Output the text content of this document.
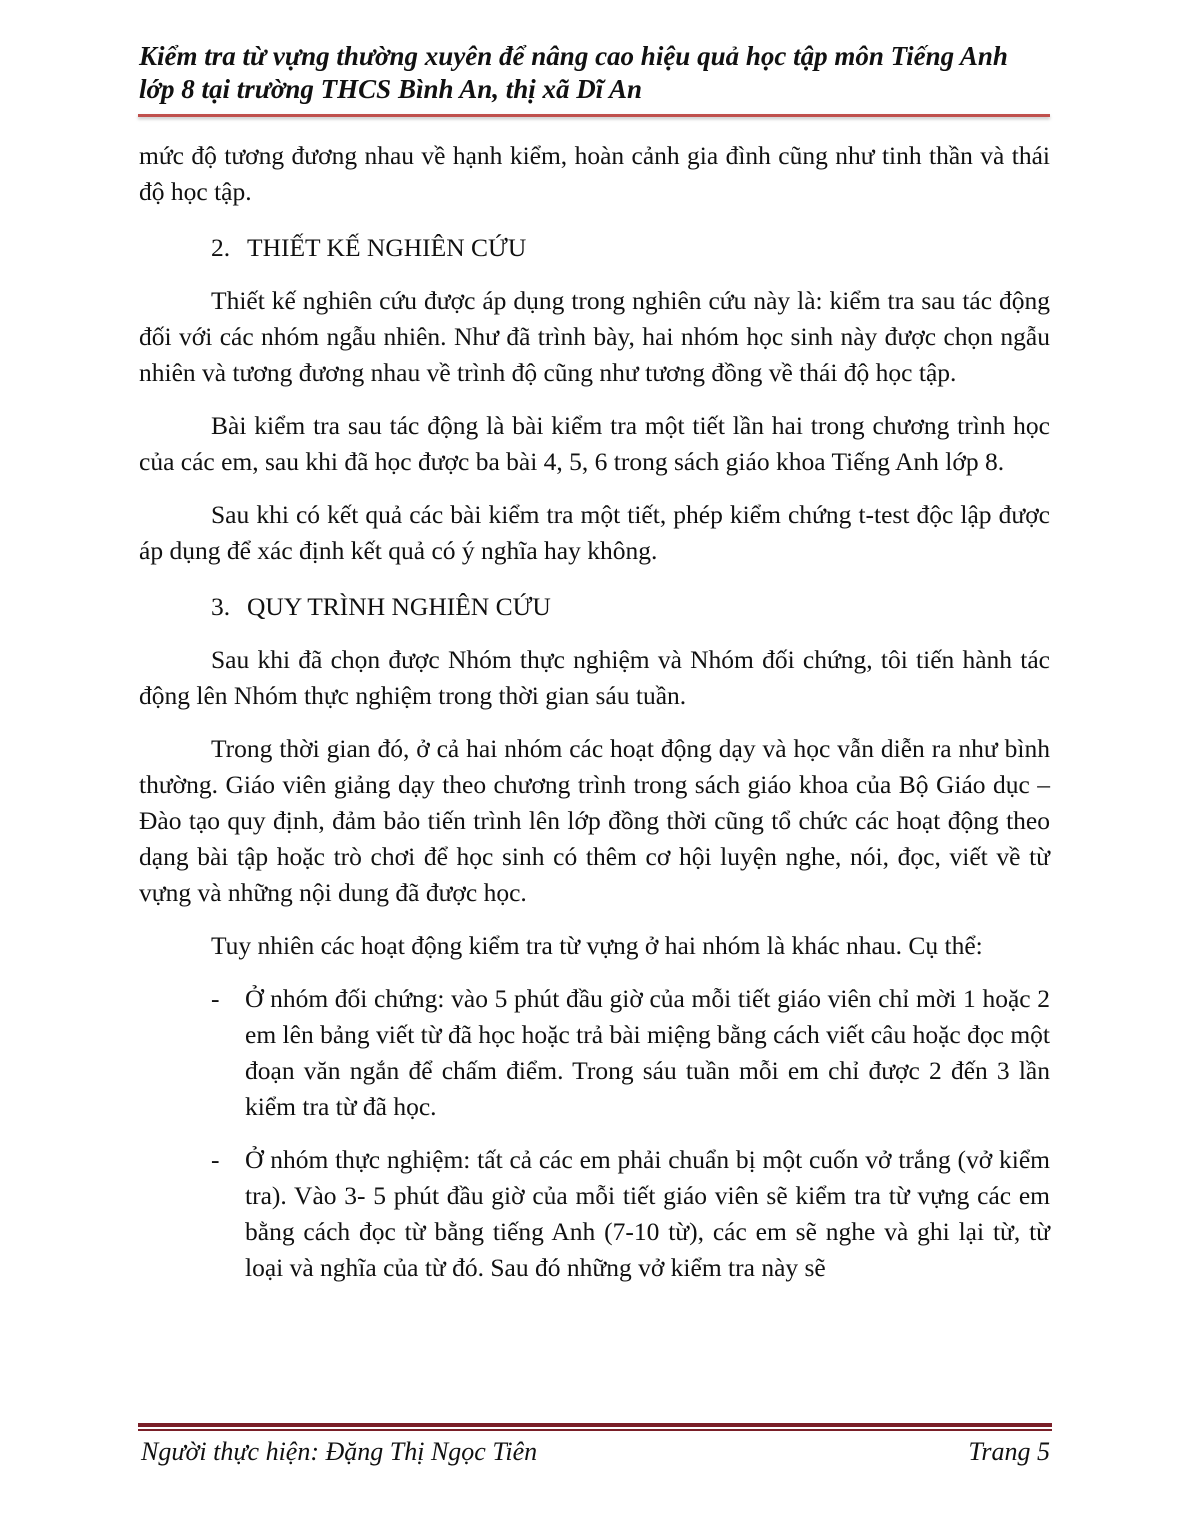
Kiểm tra từ vựng thường xuyên để nâng cao hiệu quả học tập môn Tiếng Anh
lớp 8 tại trường THCS Bình An, thị xã Dĩ An

mức độ tương đương nhau về hạnh kiểm, hoàn cảnh gia đình cũng như tinh thần và thái độ học tập.

2. THIẾT KẾ NGHIÊN CỨU

Thiết kế nghiên cứu được áp dụng trong nghiên cứu này là: kiểm tra sau tác động đối với các nhóm ngẫu nhiên. Như đã trình bày, hai nhóm học sinh này được chọn ngẫu nhiên và tương đương nhau về trình độ cũng như tương đồng về thái độ học tập.

Bài kiểm tra sau tác động là bài kiểm tra một tiết lần hai trong chương trình học của các em, sau khi đã học được ba bài 4, 5, 6 trong sách giáo khoa Tiếng Anh lớp 8.

Sau khi có kết quả các bài kiểm tra một tiết, phép kiểm chứng t-test độc lập được áp dụng để xác định kết quả có ý nghĩa hay không.

3. QUY TRÌNH NGHIÊN CỨU

Sau khi đã chọn được Nhóm thực nghiệm và Nhóm đối chứng, tôi tiến hành tác động lên Nhóm thực nghiệm trong thời gian sáu tuần.

Trong thời gian đó, ở cả hai nhóm các hoạt động dạy và học vẫn diễn ra như bình thường. Giáo viên giảng dạy theo chương trình trong sách giáo khoa của Bộ Giáo dục – Đào tạo quy định, đảm bảo tiến trình lên lớp đồng thời cũng tổ chức các hoạt động theo dạng bài tập hoặc trò chơi để học sinh có thêm cơ hội luyện nghe, nói, đọc, viết về từ vựng và những nội dung đã được học.

Tuy nhiên các hoạt động kiểm tra từ vựng ở hai nhóm là khác nhau. Cụ thể:

-	Ở nhóm đối chứng: vào 5 phút đầu giờ của mỗi tiết giáo viên chỉ mời 1 hoặc 2 em lên bảng viết từ đã học hoặc trả bài miệng bằng cách viết câu hoặc đọc một đoạn văn ngắn để chấm điểm. Trong sáu tuần mỗi em chỉ được 2 đến 3 lần kiểm tra từ đã học.
-	Ở nhóm thực nghiệm: tất cả các em phải chuẩn bị một cuốn vở trắng (vở kiểm tra). Vào 3- 5 phút đầu giờ của mỗi tiết giáo viên sẽ kiểm tra từ vựng các em bằng cách đọc từ bằng tiếng Anh (7-10 từ), các em sẽ nghe và ghi lại từ, từ loại và nghĩa của từ đó. Sau đó những vở kiểm tra này sẽ
Người thực hiện: Đặng Thị Ngọc Tiên	Trang 5
